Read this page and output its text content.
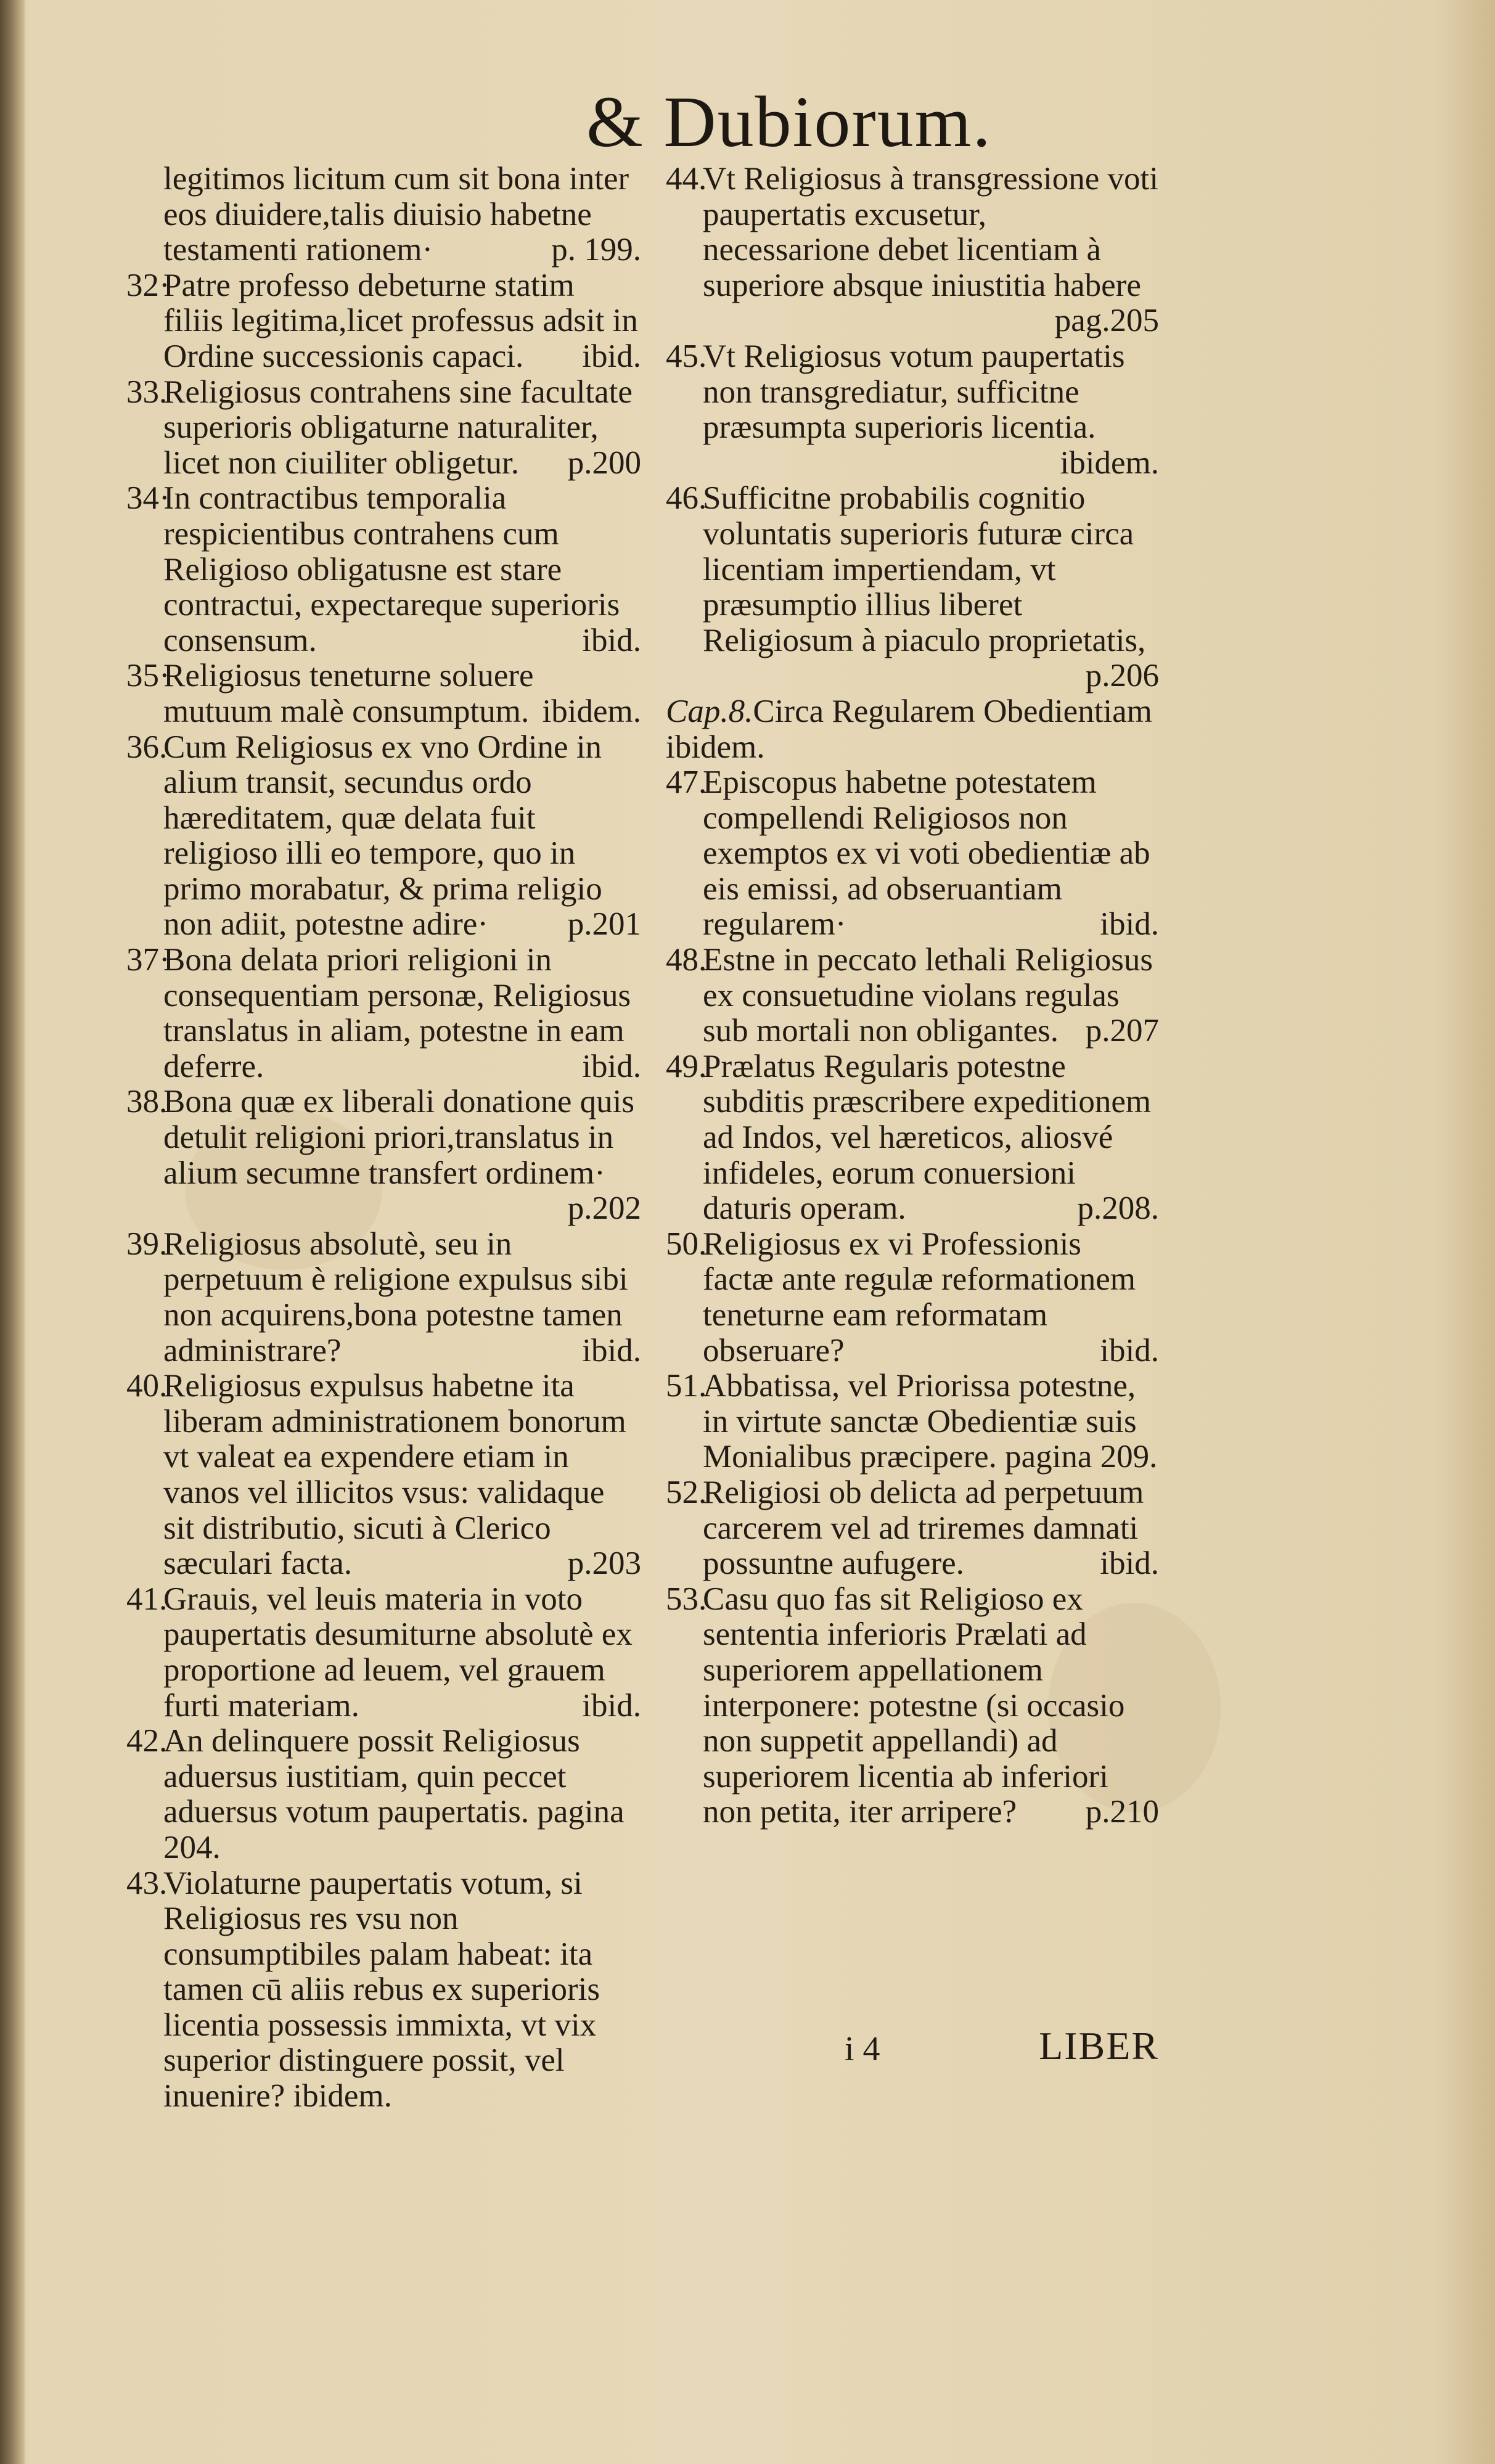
& Dubiorum.
legitimos licitum cum sit bona inter eos diuidere,talis diuisio habetne testamenti rationem·	p. 199.
32·
Patre professo debeturne statim filiis legitima,licet professus adsit in Ordine successionis capaci. ibid.
33.
Religiosus contrahens sine facultate superioris obligaturne naturaliter, licet non ciuiliter obligetur. p.200
34·
In contractibus temporalia respicientibus contrahens cum Religioso obligatusne est stare contractui, expectareque superioris consensum.	ibid.
35·
Religiosus teneturne soluere mutuum malè consumptum. ibidem.
36.
Cum Religiosus ex vno Ordine in alium transit, secundus ordo hæreditatem, quæ delata fuit religioso illi eo tempore, quo in primo morabatur, & prima religio non adiit, potestne adire· p.201
37·
Bona delata priori religioni in consequentiam personæ, Religiosus translatus in aliam, potestne in eam deferre.	ibid.
38.
Bona quæ ex liberali donatione quis detulit religioni priori,translatus in alium secumne transfert ordinem·
p.202
39.
Religiosus absolutè, seu in perpetuum è religione expulsus sibi non acquirens,bona potestne tamen administrare?	ibid.
40.
Religiosus expulsus habetne ita liberam administrationem bonorum vt valeat ea expendere etiam in vanos vel illicitos vsus: validaque sit distributio, sicuti à Clerico sæculari facta.	p.203
41.
Grauis, vel leuis materia in voto paupertatis desumiturne absolutè ex proportione ad leuem, vel grauem furti materiam.	ibid.
42.
An delinquere possit Religiosus aduersus iustitiam, quin peccet aduersus votum paupertatis. pagina 204.
43.
Violaturne paupertatis votum, si Religiosus res vsu non consumptibiles palam habeat: ita tamen cū aliis rebus ex superioris licentia possessis immixta, vt vix superior distinguere possit, vel inuenire? ibidem.
44.
Vt Religiosus à transgressione voti paupertatis excusetur, necessarione debet licentiam à superiore absque iniustitia habere
pag.205
45.
Vt Religiosus votum paupertatis non transgrediatur, sufficitne præsumpta superioris licentia.
ibidem.
46.
Sufficitne probabilis cognitio voluntatis superioris futuræ circa licentiam impertiendam, vt præsumptio illius liberet Religiosum à piaculo proprietatis,
p.206
Cap.8.Circa Regularem Obedientiam ibidem.
47.
Episcopus habetne potestatem compellendi Religiosos non exemptos ex vi voti obedientiæ ab eis emissi, ad obseruantiam regularem·	ibid.
48.
Estne in peccato lethali Religiosus ex consuetudine violans regulas sub mortali non obligantes. p.207
49.
Prælatus Regularis potestne subditis præscribere expeditionem ad Indos, vel hæreticos, aliosvé infideles, eorum conuersioni daturis operam.	p.208.
50.
Religiosus ex vi Professionis factæ ante regulæ reformationem teneturne eam reformatam obseruare?	ibid.
51.
Abbatissa, vel Priorissa potestne, in virtute sanctæ Obedientiæ suis Monialibus præcipere. pagina 209.
52.
Religiosi ob delicta ad perpetuum carcerem vel ad triremes damnati possuntne aufugere.	ibid.
53.
Casu quo fas sit Religioso ex sententia inferioris Prælati ad superiorem appellationem interponere: potestne (si occasio non suppetit appellandi) ad superiorem licentia ab inferiori non petita, iter arripere? p.210
i 4	LIBER
